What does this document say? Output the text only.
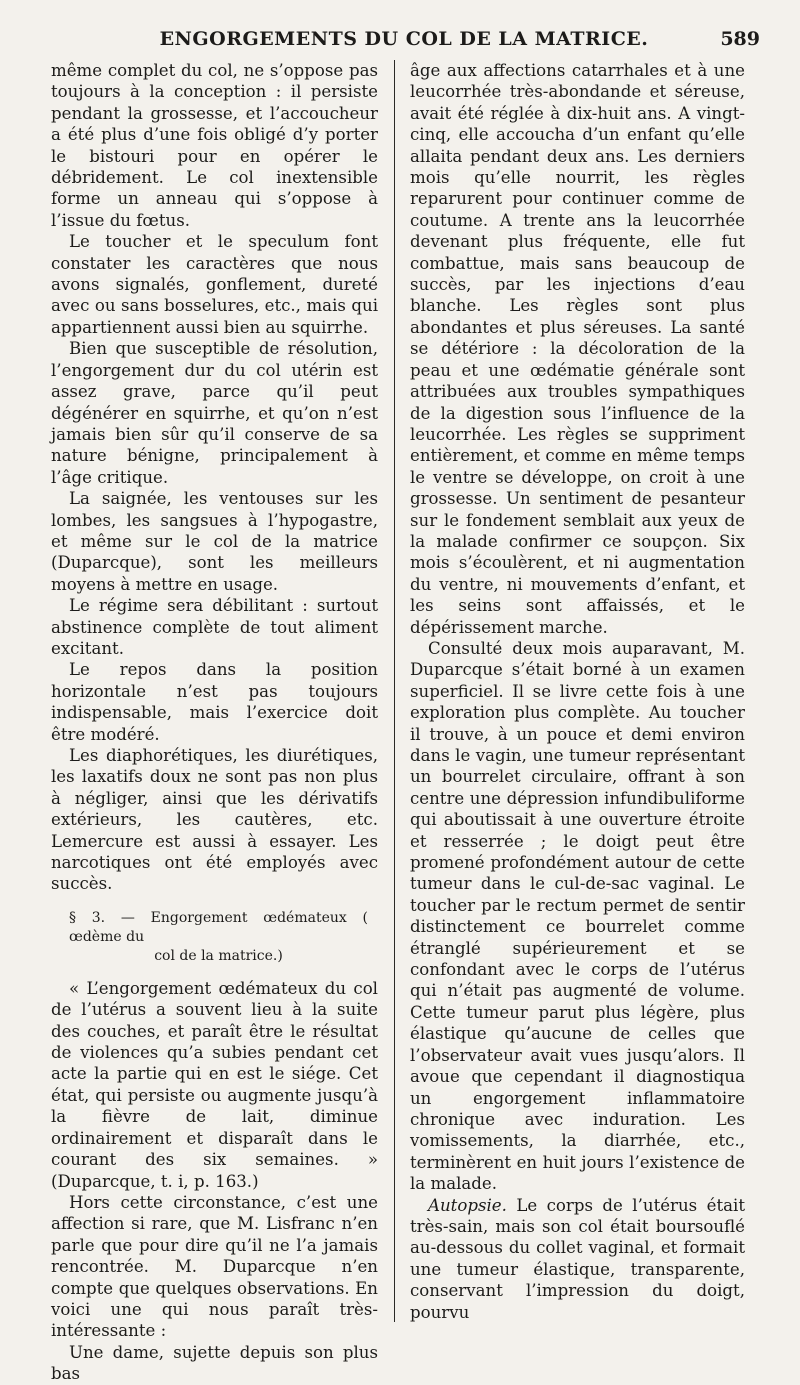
ENGORGEMENTS DU COL DE LA MATRICE.	589

même complet du col, ne s’oppose pas toujours à la conception : il persiste pendant la grossesse, et l’accoucheur a été plus d’une fois obligé d’y porter le bistouri pour en opérer le débridement. Le col inextensible forme un anneau qui s’oppose à l’issue du fœtus.

Le toucher et le speculum font constater les caractères que nous avons signalés, gonflement, dureté avec ou sans bosselures, etc., mais qui appartiennent aussi bien au squirrhe.

Bien que susceptible de résolution, l’engorgement dur du col utérin est assez grave, parce qu’il peut dégénérer en squirrhe, et qu’on n’est jamais bien sûr qu’il conserve de sa nature bénigne, principalement à l’âge critique.

La saignée, les ventouses sur les lombes, les sangsues à l’hypogastre, et même sur le col de la matrice (Duparcque), sont les meilleurs moyens à mettre en usage.

Le régime sera débilitant : surtout abstinence complète de tout aliment excitant.

Le repos dans la position horizontale n’est pas toujours indispensable, mais l’exercice doit être modéré.

Les diaphorétiques, les diurétiques, les laxatifs doux ne sont pas non plus à négliger, ainsi que les dérivatifs extérieurs, les cautères, etc. Lemercure est aussi à essayer. Les narcotiques ont été employés avec succès.

§ 3. — Engorgement œdémateux ( œdème du
col de la matrice.)

« L’engorgement œdémateux du col de l’utérus a souvent lieu à la suite des couches, et paraît être le résultat de violences qu’a subies pendant cet acte la partie qui en est le siége. Cet état, qui persiste ou augmente jusqu’à la fièvre de lait, diminue ordinairement et disparaît dans le courant des six semaines. » (Duparcque, t. i, p. 163.)

Hors cette circonstance, c’est une affection si rare, que M. Lisfranc n’en parle que pour dire qu’il ne l’a jamais rencontrée. M. Duparcque n’en compte que quelques observations. En voici une qui nous paraît très-intéressante :

Une dame, sujette depuis son plus bas

âge aux affections catarrhales et à une leucorrhée très-abondande et séreuse, avait été réglée à dix-huit ans. A vingt-cinq, elle accoucha d’un enfant qu’elle allaita pendant deux ans. Les derniers mois qu’elle nourrit, les règles reparurent pour continuer comme de coutume. A trente ans la leucorrhée devenant plus fréquente, elle fut combattue, mais sans beaucoup de succès, par les injections d’eau blanche. Les règles sont plus abondantes et plus séreuses. La santé se détériore : la décoloration de la peau et une œdématie générale sont attribuées aux troubles sympathiques de la digestion sous l’influence de la leucorrhée. Les règles se suppriment entièrement, et comme en même temps le ventre se développe, on croit à une grossesse. Un sentiment de pesanteur sur le fondement semblait aux yeux de la malade confirmer ce soupçon. Six mois s’écoulèrent, et ni augmentation du ventre, ni mouvements d’enfant, et les seins sont affaissés, et le dépérissement marche.

Consulté deux mois auparavant, M. Duparcque s’était borné à un examen superficiel. Il se livre cette fois à une exploration plus complète. Au toucher il trouve, à un pouce et demi environ dans le vagin, une tumeur représentant un bourrelet circulaire, offrant à son centre une dépression infundibuliforme qui aboutissait à une ouverture étroite et resserrée ; le doigt peut être promené profondément autour de cette tumeur dans le cul-de-sac vaginal. Le toucher par le rectum permet de sentir distinctement ce bourrelet comme étranglé supérieurement et se confondant avec le corps de l’utérus qui n’était pas augmenté de volume. Cette tumeur parut plus légère, plus élastique qu’aucune de celles que l’observateur avait vues jusqu’alors. Il avoue que cependant il diagnostiqua un engorgement inflammatoire chronique avec induration. Les vomissements, la diarrhée, etc., terminèrent en huit jours l’existence de la malade.

Autopsie. Le corps de l’utérus était très-sain, mais son col était boursouflé au-dessous du collet vaginal, et formait une tumeur élastique, transparente, conservant l’impression du doigt, pourvu
